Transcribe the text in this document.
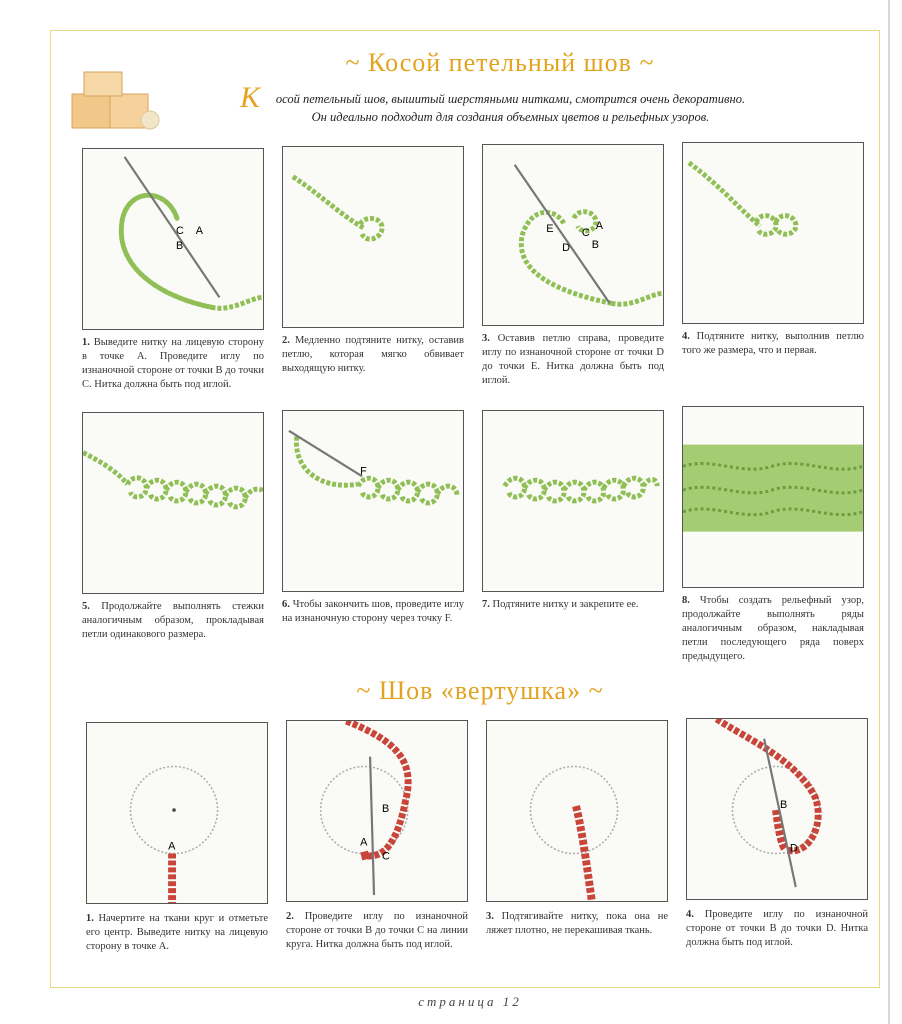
~ Косой петельный шов ~
К осой петельный шов, вышитый шерстяными нитками, смотрится очень декоративно.
Он идеально подходит для создания объемных цветов и рельефных узоров.
C A
B
E	C
A
D B
1. Выведите нитку на лицевую сторону в точке А. Проведите иглу по изнаночной стороне от точки В до точки С. Нитка должна быть под иглой.
2. Медленно подтяните нитку, оставив петлю, которая мягко обвивает выходящую нитку.
3. Оставив петлю справа, проведите иглу по изнаночной стороне от точки D до точки E. Нитка должна быть под иглой.
4. Подтяните нитку, выполнив петлю того же размера, что и первая.
F
5. Продолжайте выполнять стежки аналогичным образом, прокладывая петли одинакового размера.
6. Чтобы закончить шов, проведите иглу на изнаночную сторону через точку F.
7. Подтяните нитку и закрепите ее.	8. Чтобы создать рельефный узор, продолжайте выполнять ряды аналогичным образом, накладывая петли последующего ряда поверх предыдущего.
~ Шов «вертушка» ~
A
B
A
C
B
D
1. Начертите на ткани круг и отметьте его центр. Выведите нитку на лицевую сторону в точке А.
2. Проведите иглу по изнаночной стороне от точки В до точки С на линии круга. Нитка должна быть под иглой.
3. Подтягивайте нитку, пока она не ляжет плотно, не перекашивая ткань.
4. Проведите иглу по изнаночной стороне от точки В до точки D. Нитка должна быть под иглой.
страница 12
